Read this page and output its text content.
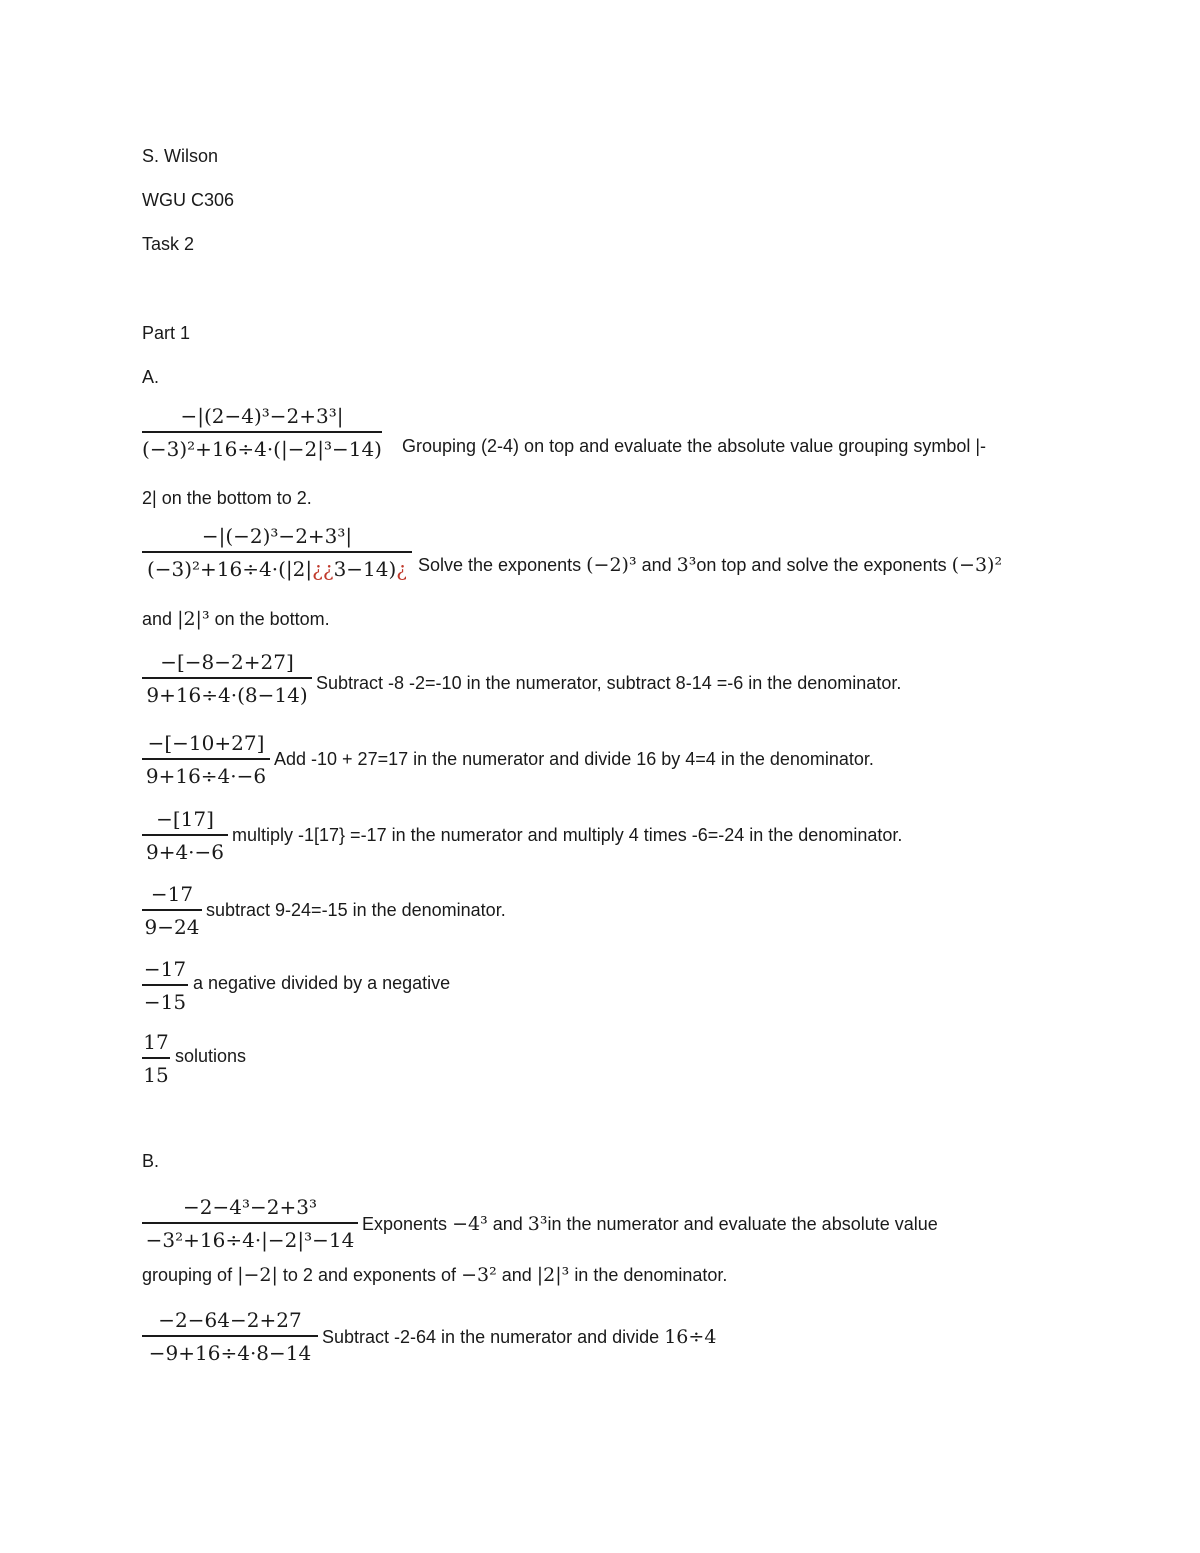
S. Wilson
WGU C306
Task 2
Part 1
A.
−|(2−4)³−2+3³|
(−3)²+16÷4·(|−2|³−14) Grouping (2-4) on top and evaluate the absolute value grouping symbol |-
2| on the bottom to 2.
−|(−2)³−2+3³|
(−3)²+16÷4·(|2|¿¿3−14)¿ Solve the exponents (−2)³ and 3³on top and solve the exponents (−3)²
and |2|³ on the bottom.
−[−8−2+27]
9+16÷4·(8−14) Subtract -8 -2=-10 in the numerator, subtract 8-14 =-6 in the denominator.
−[−10+27]
9+16÷4·−6
Add -10 + 27=17 in the numerator and divide 16 by 4=4 in the denominator.
−[17]
9+4·−6
multiply -1[17} =-17 in the numerator and multiply 4 times -6=-24 in the denominator.
−17
9−24
subtract 9-24=-15 in the denominator.
−17
−15
a negative divided by a negative
17
15
solutions
B.
−2−4³−2+3³
−3²+16÷4·|−2|³−14
Exponents −4³ and 3³in the numerator and evaluate the absolute value
grouping of |−2| to 2 and exponents of −3² and |2|³ in the denominator.
−2−64−2+27
−9+16÷4·8−14
Subtract -2-64 in the numerator and divide 16÷4
